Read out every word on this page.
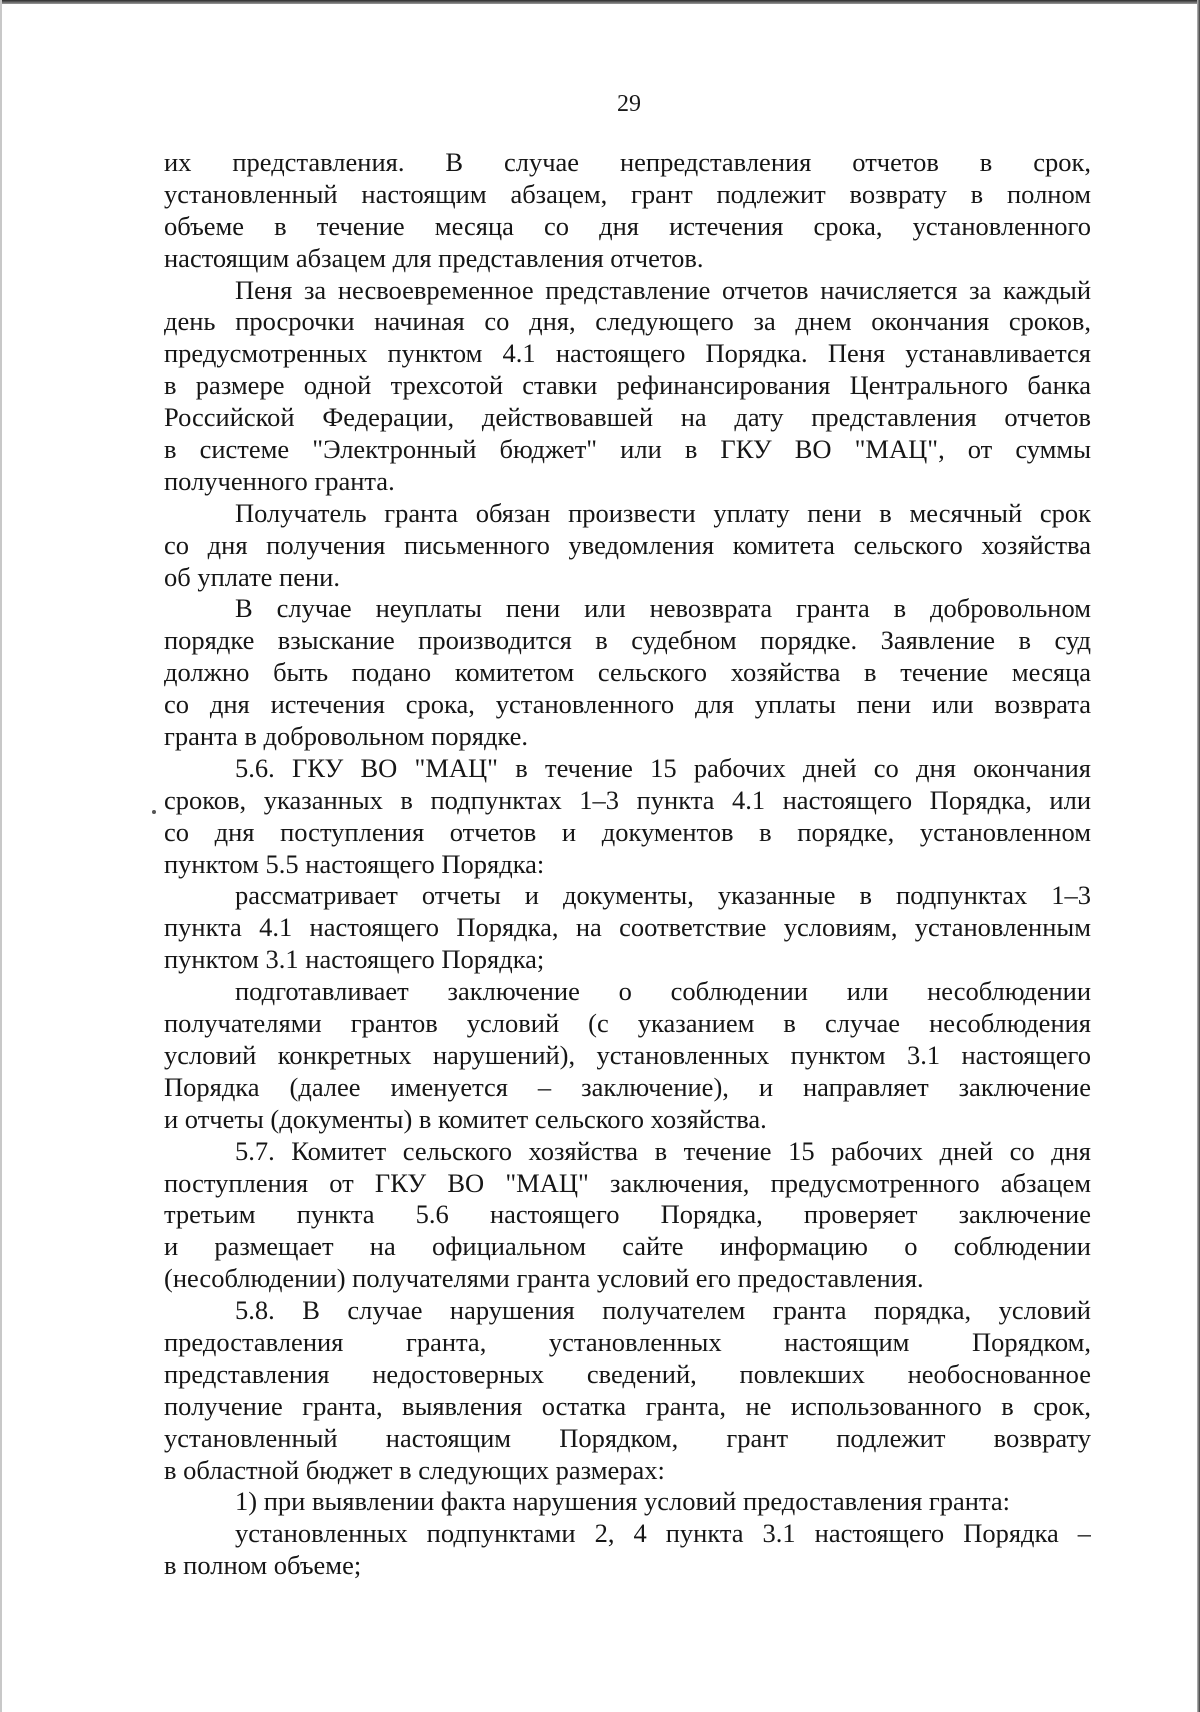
29
их представления. В случае непредставления отчетов в срок,
установленный настоящим абзацем, грант подлежит возврату в полном
объеме в течение месяца со дня истечения срока, установленного
настоящим абзацем для представления отчетов.
Пеня за несвоевременное представление отчетов начисляется за каждый
день просрочки начиная со дня, следующего за днем окончания сроков,
предусмотренных пунктом 4.1 настоящего Порядка. Пеня устанавливается
в размере одной трехсотой ставки рефинансирования Центрального банка
Российской Федерации, действовавшей на дату представления отчетов
в системе "Электронный бюджет" или в ГКУ ВО "МАЦ", от суммы
полученного гранта.
Получатель гранта обязан произвести уплату пени в месячный срок
со дня получения письменного уведомления комитета сельского хозяйства
об уплате пени.
В случае неуплаты пени или невозврата гранта в добровольном
порядке взыскание производится в судебном порядке. Заявление в суд
должно быть подано комитетом сельского хозяйства в течение месяца
со дня истечения срока, установленного для уплаты пени или возврата
гранта в добровольном порядке.
5.6. ГКУ ВО "МАЦ" в течение 15 рабочих дней со дня окончания
сроков, указанных в подпунктах 1–3 пункта 4.1 настоящего Порядка, или
со дня поступления отчетов и документов в порядке, установленном
пунктом 5.5 настоящего Порядка:
рассматривает отчеты и документы, указанные в подпунктах 1–3
пункта 4.1 настоящего Порядка, на соответствие условиям, установленным
пунктом 3.1 настоящего Порядка;
подготавливает заключение о соблюдении или несоблюдении
получателями грантов условий (с указанием в случае несоблюдения
условий конкретных нарушений), установленных пунктом 3.1 настоящего
Порядка (далее именуется – заключение), и направляет заключение
и отчеты (документы) в комитет сельского хозяйства.
5.7. Комитет сельского хозяйства в течение 15 рабочих дней со дня
поступления от ГКУ ВО "МАЦ" заключения, предусмотренного абзацем
третьим пункта 5.6 настоящего Порядка, проверяет заключение
и размещает на официальном сайте информацию о соблюдении
(несоблюдении) получателями гранта условий его предоставления.
5.8. В случае нарушения получателем гранта порядка, условий
предоставления гранта, установленных настоящим Порядком,
представления недостоверных сведений, повлекших необоснованное
получение гранта, выявления остатка гранта, не использованного в срок,
установленный настоящим Порядком, грант подлежит возврату
в областной бюджет в следующих размерах:
1) при выявлении факта нарушения условий предоставления гранта:
установленных подпунктами 2, 4 пункта 3.1 настоящего Порядка –
в полном объеме;
